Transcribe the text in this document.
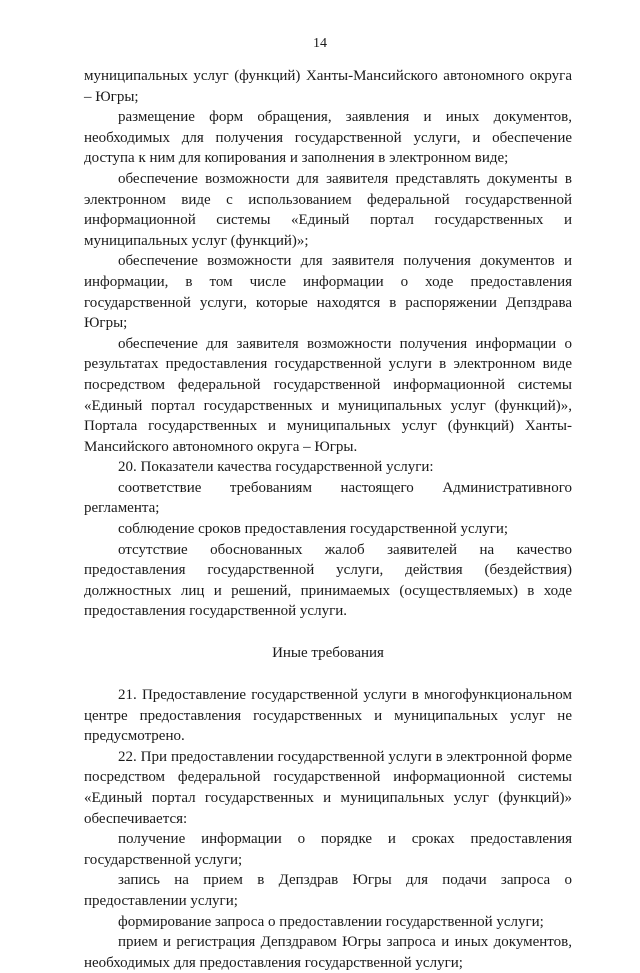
14

муниципальных услуг (функций) Ханты-Мансийского автономного округа – Югры;

размещение форм обращения, заявления и иных документов, необходимых для получения государственной услуги, и обеспечение доступа к ним для копирования и заполнения в электронном виде;

обеспечение возможности для заявителя представлять документы в электронном виде с использованием федеральной государственной информационной системы «Единый портал государственных и муниципальных услуг (функций)»;

обеспечение возможности для заявителя получения документов и информации, в том числе информации о ходе предоставления государственной услуги, которые находятся в распоряжении Депздрава Югры;

обеспечение для заявителя возможности получения информации о результатах предоставления государственной услуги в электронном виде посредством федеральной государственной информационной системы «Единый портал государственных и муниципальных услуг (функций)», Портала государственных и муниципальных услуг (функций) Ханты-Мансийского автономного округа – Югры.

20. Показатели качества государственной услуги:

соответствие требованиям настоящего Административного регламента;

соблюдение сроков предоставления государственной услуги;

отсутствие обоснованных жалоб заявителей на качество предоставления государственной услуги, действия (бездействия) должностных лиц и решений, принимаемых (осуществляемых) в ходе предоставления государственной услуги.

Иные требования

21. Предоставление государственной услуги в многофункциональном центре предоставления государственных и муниципальных услуг не предусмотрено.

22. При предоставлении государственной услуги в электронной форме посредством федеральной государственной информационной системы «Единый портал государственных и муниципальных услуг (функций)» обеспечивается:

получение информации о порядке и сроках предоставления государственной услуги;

запись на прием в Депздрав Югры для подачи запроса о предоставлении услуги;

формирование запроса о предоставлении государственной услуги;

прием и регистрация Депздравом Югры запроса и иных документов, необходимых для предоставления государственной услуги;
